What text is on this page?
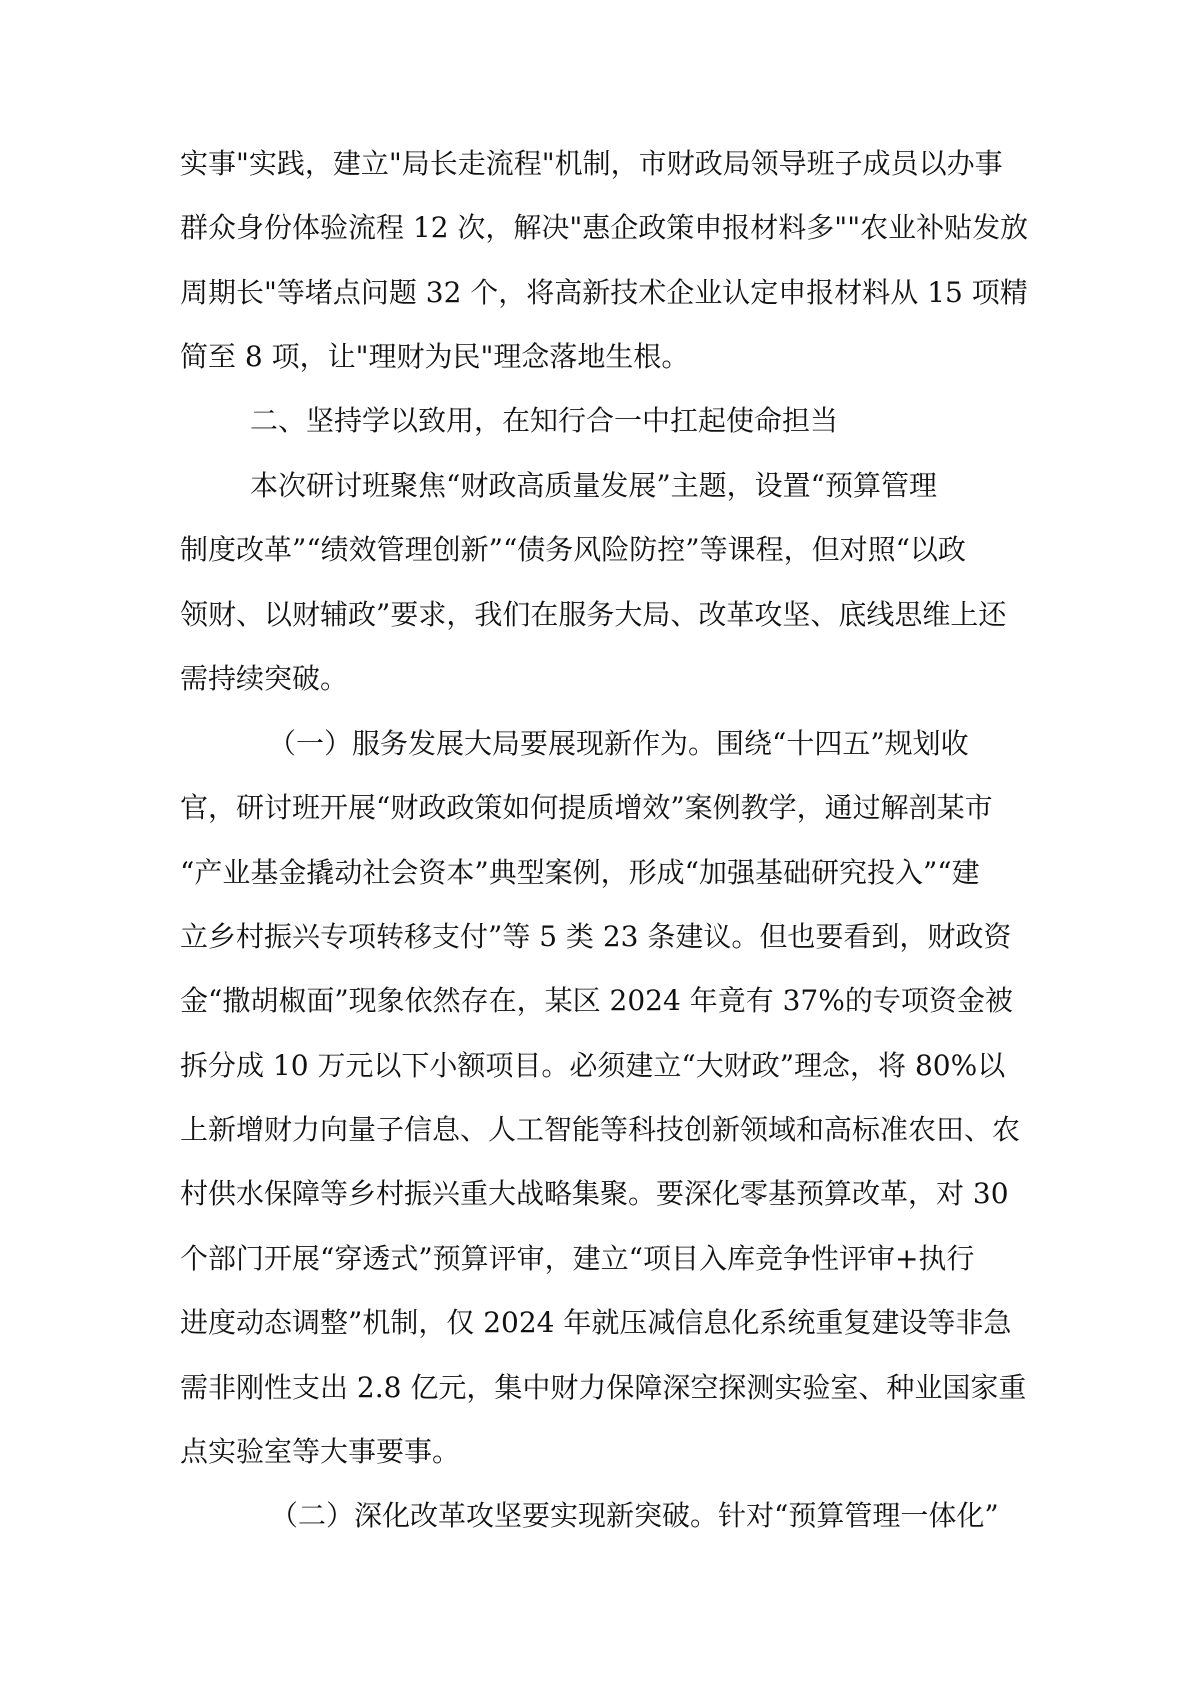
实事"实践，建立"局长走流程"机制，市财政局领导班子成员以办事
群众身份体验流程 12 次，解决"惠企政策申报材料多""农业补贴发放
周期长"等堵点问题 32 个，将高新技术企业认定申报材料从 15 项精
简至 8 项，让"理财为民"理念落地生根。
二、坚持学以致用，在知行合一中扛起使命担当
本次研讨班聚焦“财政高质量发展”主题，设置“预算管理
制度改革”“绩效管理创新”“债务风险防控”等课程，但对照“以政
领财、以财辅政”要求，我们在服务大局、改革攻坚、底线思维上还
需持续突破。
（一）服务发展大局要展现新作为。围绕“十四五”规划收
官，研讨班开展“财政政策如何提质增效”案例教学，通过解剖某市
“产业基金撬动社会资本”典型案例，形成“加强基础研究投入”“建
立乡村振兴专项转移支付”等 5 类 23 条建议。但也要看到，财政资
金“撒胡椒面”现象依然存在，某区 2024 年竟有 37%的专项资金被
拆分成 10 万元以下小额项目。必须建立“大财政”理念，将 80%以
上新增财力向量子信息、人工智能等科技创新领域和高标准农田、农
村供水保障等乡村振兴重大战略集聚。要深化零基预算改革，对 30
个部门开展“穿透式”预算评审，建立“项目入库竞争性评审+执行
进度动态调整”机制，仅 2024 年就压减信息化系统重复建设等非急
需非刚性支出 2.8 亿元，集中财力保障深空探测实验室、种业国家重
点实验室等大事要事。
（二）深化改革攻坚要实现新突破。针对“预算管理一体化”
